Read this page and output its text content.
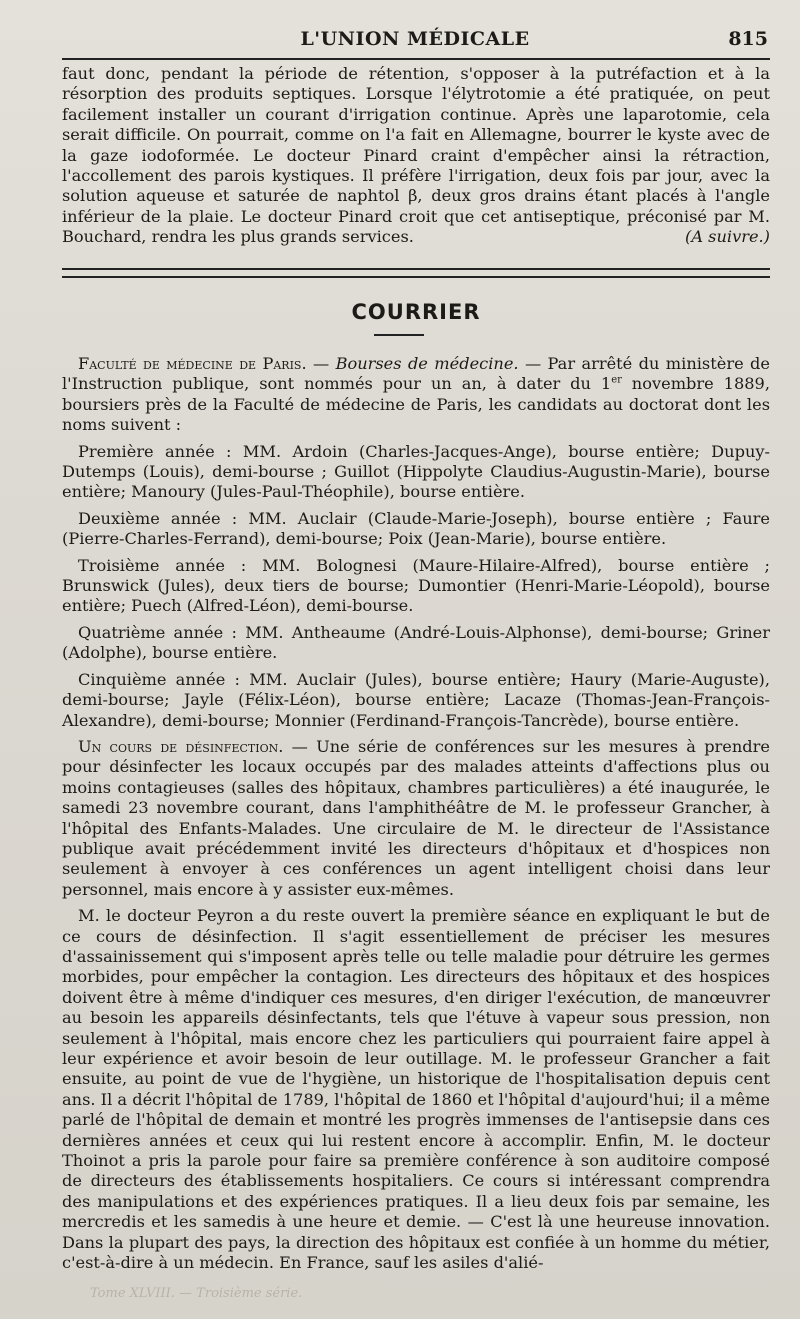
L'UNION MÉDICALE	815

faut donc, pendant la période de rétention, s'opposer à la putréfaction et à la résorption des produits septiques. Lorsque l'élytrotomie a été pratiquée, on peut facilement installer un courant d'irrigation continue. Après une laparotomie, cela serait difficile. On pourrait, comme on l'a fait en Allemagne, bourrer le kyste avec de la gaze iodoformée. Le docteur Pinard craint d'empêcher ainsi la rétraction, l'accollement des parois kystiques. Il préfère l'irrigation, deux fois par jour, avec la solution aqueuse et saturée de naphtol β, deux gros drains étant placés à l'angle inférieur de la plaie. Le docteur Pinard croit que cet antiseptique, préconisé par M. Bouchard, rendra les plus grands services.	(A suivre.)

COURRIER

Faculté de médecine de Paris. — Bourses de médecine. — Par arrêté du ministère de l'Instruction publique, sont nommés pour un an, à dater du 1er novembre 1889, boursiers près de la Faculté de médecine de Paris, les candidats au doctorat dont les noms suivent :

Première année : MM. Ardoin (Charles-Jacques-Ange), bourse entière; Dupuy-Dutemps (Louis), demi-bourse ; Guillot (Hippolyte Claudius-Augustin-Marie), bourse entière; Manoury (Jules-Paul-Théophile), bourse entière.

Deuxième année : MM. Auclair (Claude-Marie-Joseph), bourse entière ; Faure (Pierre-Charles-Ferrand), demi-bourse; Poix (Jean-Marie), bourse entière.

Troisième année : MM. Bolognesi (Maure-Hilaire-Alfred), bourse entière ; Brunswick (Jules), deux tiers de bourse; Dumontier (Henri-Marie-Léopold), bourse entière; Puech (Alfred-Léon), demi-bourse.

Quatrième année : MM. Antheaume (André-Louis-Alphonse), demi-bourse; Griner (Adolphe), bourse entière.

Cinquième année : MM. Auclair (Jules), bourse entière; Haury (Marie-Auguste), demi-bourse; Jayle (Félix-Léon), bourse entière; Lacaze (Thomas-Jean-François-Alexandre), demi-bourse; Monnier (Ferdinand-François-Tancrède), bourse entière.

Un cours de désinfection. — Une série de conférences sur les mesures à prendre pour désinfecter les locaux occupés par des malades atteints d'affections plus ou moins contagieuses (salles des hôpitaux, chambres particulières) a été inaugurée, le samedi 23 novembre courant, dans l'amphithéâtre de M. le professeur Grancher, à l'hôpital des Enfants-Malades. Une circulaire de M. le directeur de l'Assistance publique avait précédemment invité les directeurs d'hôpitaux et d'hospices non seulement à envoyer à ces conférences un agent intelligent choisi dans leur personnel, mais encore à y assister eux-mêmes.

M. le docteur Peyron a du reste ouvert la première séance en expliquant le but de ce cours de désinfection. Il s'agit essentiellement de préciser les mesures d'assainissement qui s'imposent après telle ou telle maladie pour détruire les germes morbides, pour empêcher la contagion. Les directeurs des hôpitaux et des hospices doivent être à même d'indiquer ces mesures, d'en diriger l'exécution, de manœuvrer au besoin les appareils désinfectants, tels que l'étuve à vapeur sous pression, non seulement à l'hôpital, mais encore chez les particuliers qui pourraient faire appel à leur expérience et avoir besoin de leur outillage. M. le professeur Grancher a fait ensuite, au point de vue de l'hygiène, un historique de l'hospitalisation depuis cent ans. Il a décrit l'hôpital de 1789, l'hôpital de 1860 et l'hôpital d'aujourd'hui; il a même parlé de l'hôpital de demain et montré les progrès immenses de l'antisepsie dans ces dernières années et ceux qui lui restent encore à accomplir. Enfin, M. le docteur Thoinot a pris la parole pour faire sa première conférence à son auditoire composé de directeurs des établissements hospitaliers. Ce cours si intéressant comprendra des manipulations et des expériences pratiques. Il a lieu deux fois par semaine, les mercredis et les samedis à une heure et demie. — C'est là une heureuse innovation. Dans la plupart des pays, la direction des hôpitaux est confiée à un homme du métier, c'est-à-dire à un médecin. En France, sauf les asiles d'alié-

Tome XLVIII. — Troisième série.
